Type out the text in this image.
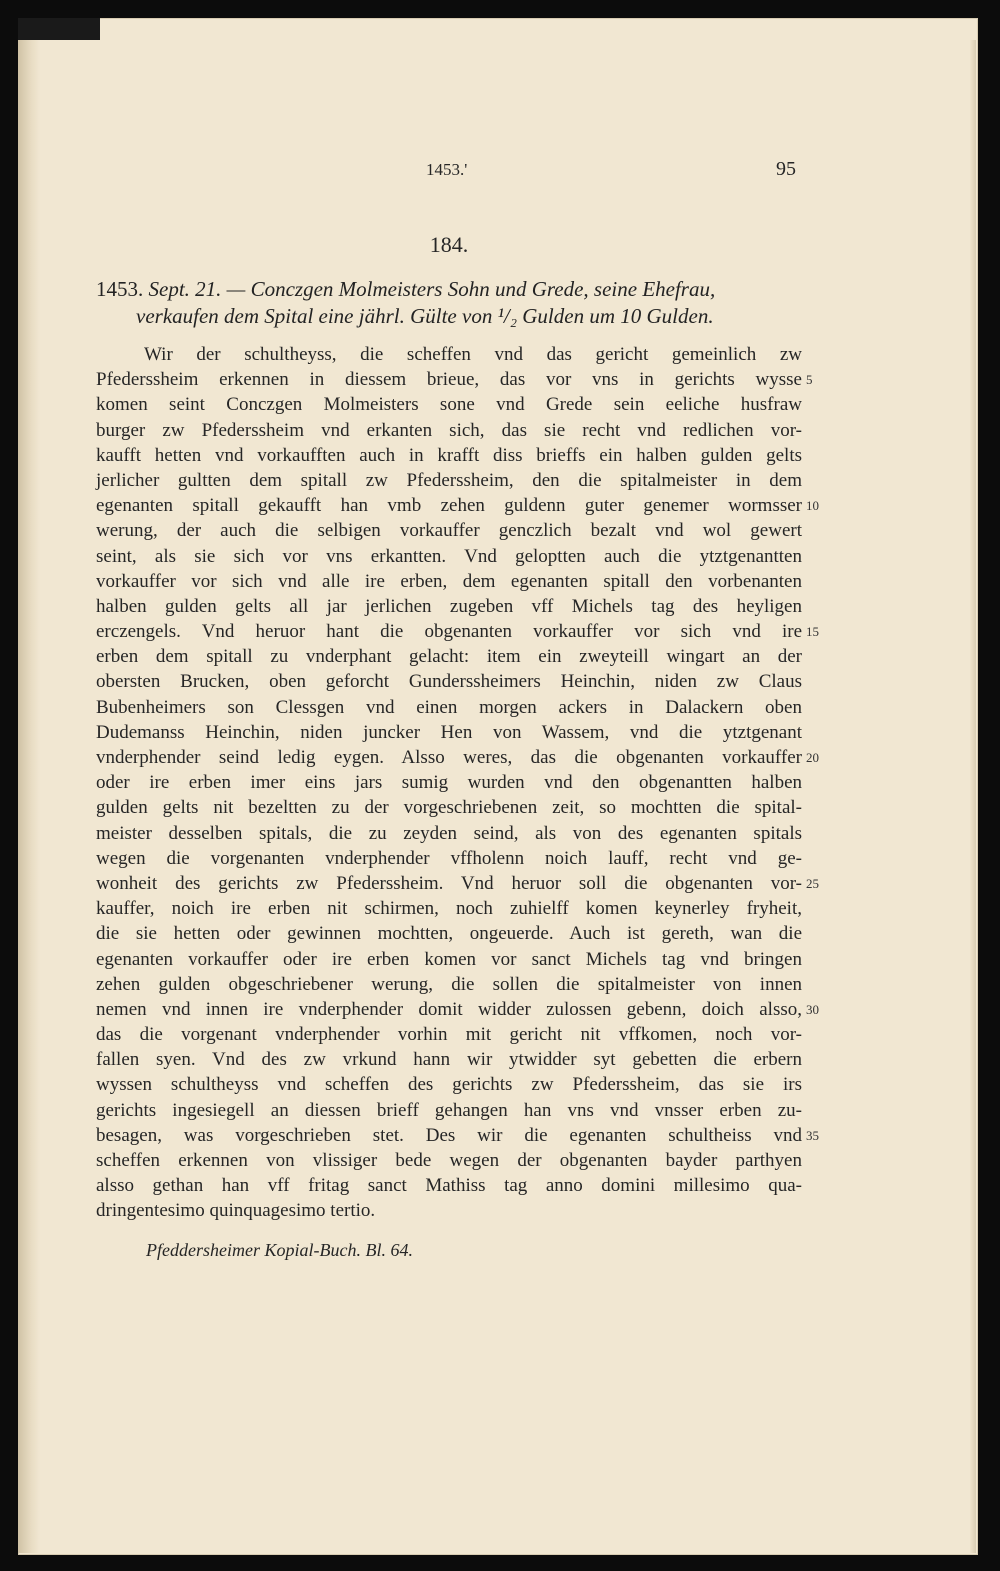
1453.'	95
184.
1453. Sept. 21. — Conczgen Molmeisters Sohn und Grede, seine Ehefrau,
verkaufen dem Spital eine jährl. Gülte von ¹/₂ Gulden um 10 Gulden.
Wir der schultheyss, die scheffen vnd das gericht gemeinlich zw
Pfederssheim erkennen in diessem brieue, das vor vns in gerichts wysse 5
komen seint Conczgen Molmeisters sone vnd Grede sein eeliche husfraw
burger zw Pfederssheim vnd erkanten sich, das sie recht vnd redlichen vor-
kaufft hetten vnd vorkaufften auch in krafft diss brieffs ein halben gulden gelts
jerlicher gultten dem spitall zw Pfederssheim, den die spitalmeister in dem
egenanten spitall gekaufft han vmb zehen guldenn guter genemer wormsser 10
werung, der auch die selbigen vorkauffer genczlich bezalt vnd wol gewert
seint, als sie sich vor vns erkantten. Vnd geloptten auch die ytztgenantten
vorkauffer vor sich vnd alle ire erben, dem egenanten spitall den vorbenanten
halben gulden gelts all jar jerlichen zugeben vff Michels tag des heyligen
erczengels. Vnd heruor hant die obgenanten vorkauffer vor sich vnd ire 15
erben dem spitall zu vnderphant gelacht: item ein zweyteill wingart an der
obersten Brucken, oben geforcht Gunderssheimers Heinchin, niden zw Claus
Bubenheimers son Clessgen vnd einen morgen ackers in Dalackern oben
Dudemanss Heinchin, niden juncker Hen von Wassem, vnd die ytztgenant
vnderphender seind ledig eygen. Alsso weres, das die obgenanten vorkauffer 20
oder ire erben imer eins jars sumig wurden vnd den obgenantten halben
gulden gelts nit bezeltten zu der vorgeschriebenen zeit, so mochtten die spital-
meister desselben spitals, die zu zeyden seind, als von des egenanten spitals
wegen die vorgenanten vnderphender vffholenn noich lauff, recht vnd ge-
wonheit des gerichts zw Pfederssheim. Vnd heruor soll die obgenanten vor- 25
kauffer, noich ire erben nit schirmen, noch zuhielff komen keynerley fryheit,
die sie hetten oder gewinnen mochtten, ongeuerde. Auch ist gereth, wan die
egenanten vorkauffer oder ire erben komen vor sanct Michels tag vnd bringen
zehen gulden obgeschriebener werung, die sollen die spitalmeister von innen
nemen vnd innen ire vnderphender domit widder zulossen gebenn, doich alsso, 30
das die vorgenant vnderphender vorhin mit gericht nit vffkomen, noch vor-
fallen syen. Vnd des zw vrkund hann wir ytwidder syt gebetten die erbern
wyssen schultheyss vnd scheffen des gerichts zw Pfederssheim, das sie irs
gerichts ingesiegell an diessen brieff gehangen han vns vnd vnsser erben zu-
besagen, was vorgeschrieben stet. Des wir die egenanten schultheiss vnd 35
scheffen erkennen von vlissiger bede wegen der obgenanten bayder parthyen
alsso gethan han vff fritag sanct Mathiss tag anno domini millesimo qua-
dringentesimo quinquagesimo tertio.
Pfeddersheimer Kopial-Buch. Bl. 64.
